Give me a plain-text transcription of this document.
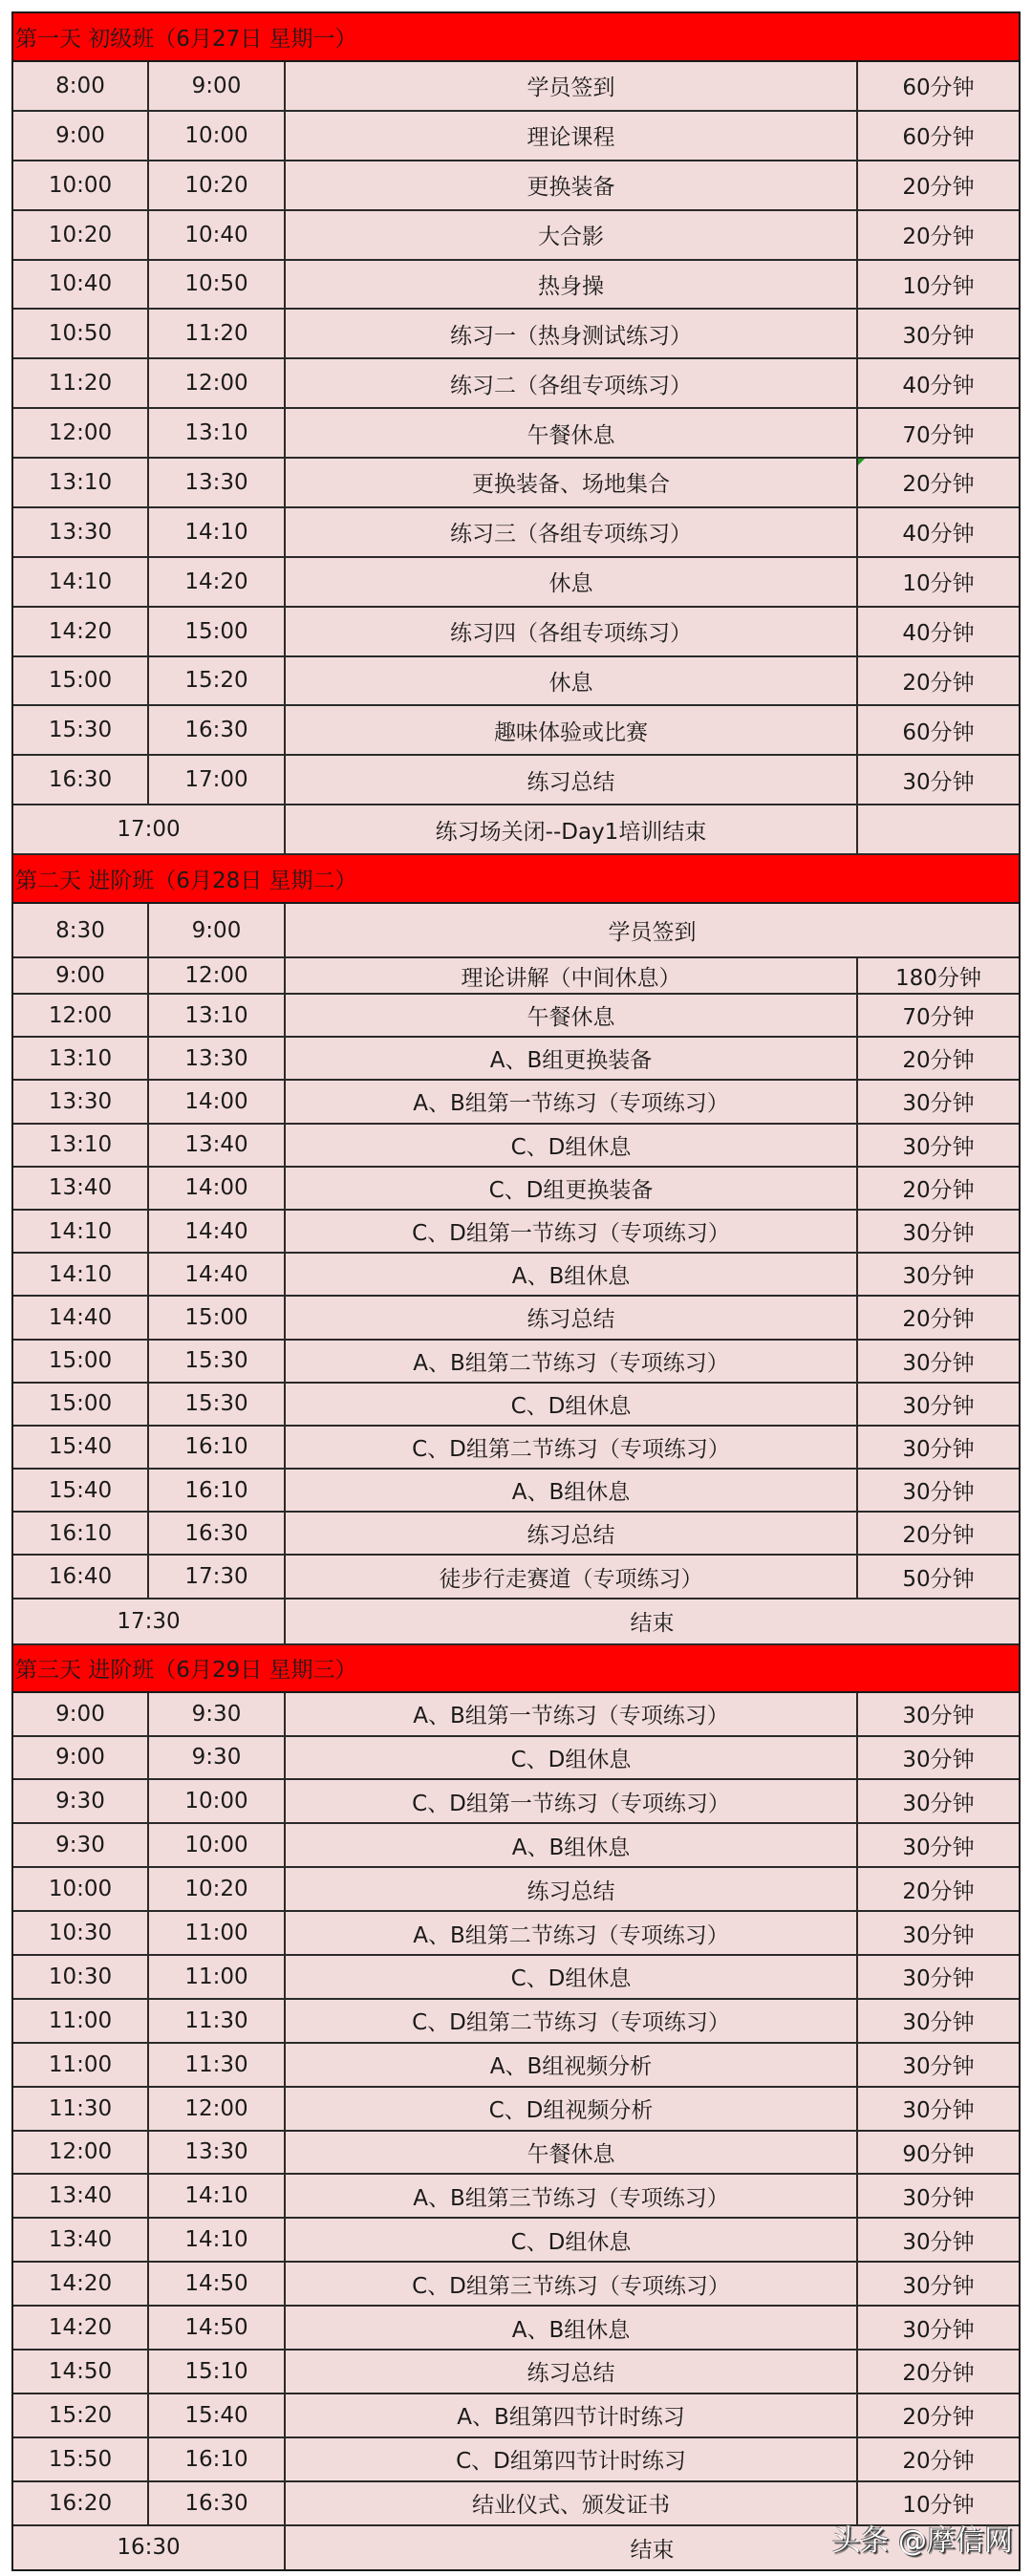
第一天 初级班（6月27日 星期一）
8:00	9:00	学员签到	60分钟
9:00	10:00	理论课程	60分钟
10:00	10:20	更换装备	20分钟
10:20	10:40	大合影	20分钟
10:40	10:50	热身操	10分钟
10:50	11:20	练习一（热身测试练习）	30分钟
11:20	12:00	练习二（各组专项练习）	40分钟
12:00	13:10	午餐休息	70分钟
13:10	13:30	更换装备、场地集合	20分钟
13:30	14:10	练习三（各组专项练习）	40分钟
14:10	14:20	休息	10分钟
14:20	15:00	练习四（各组专项练习）	40分钟
15:00	15:20	休息	20分钟
15:30	16:30	趣味体验或比赛	60分钟
16:30	17:00	练习总结	30分钟
17:00	练习场关闭--Day1培训结束
第二天 进阶班（6月28日 星期二）
8:30	9:00	学员签到
9:00	12:00	理论讲解（中间休息）	180分钟
12:00	13:10	午餐休息	70分钟
13:10	13:30	A、B组更换装备	20分钟
13:30	14:00	A、B组第一节练习（专项练习）	30分钟
13:10	13:40	C、D组休息	30分钟
13:40	14:00	C、D组更换装备	20分钟
14:10	14:40	C、D组第一节练习（专项练习）	30分钟
14:10	14:40	A、B组休息	30分钟
14:40	15:00	练习总结	20分钟
15:00	15:30	A、B组第二节练习（专项练习）	30分钟
15:00	15:30	C、D组休息	30分钟
15:40	16:10	C、D组第二节练习（专项练习）	30分钟
15:40	16:10	A、B组休息	30分钟
16:10	16:30	练习总结	20分钟
16:40	17:30	徒步行走赛道（专项练习）	50分钟
17:30	结束
第三天 进阶班（6月29日 星期三）
9:00	9:30	A、B组第一节练习（专项练习）	30分钟
9:00	9:30	C、D组休息	30分钟
9:30	10:00	C、D组第一节练习（专项练习）	30分钟
9:30	10:00	A、B组休息	30分钟
10:00	10:20	练习总结	20分钟
10:30	11:00	A、B组第二节练习（专项练习）	30分钟
10:30	11:00	C、D组休息	30分钟
11:00	11:30	C、D组第二节练习（专项练习）	30分钟
11:00	11:30	A、B组视频分析	30分钟
11:30	12:00	C、D组视频分析	30分钟
12:00	13:30	午餐休息	90分钟
13:40	14:10	A、B组第三节练习（专项练习）	30分钟
13:40	14:10	C、D组休息	30分钟
14:20	14:50	C、D组第三节练习（专项练习）	30分钟
14:20	14:50	A、B组休息	30分钟
14:50	15:10	练习总结	20分钟
15:20	15:40	A、B组第四节计时练习	20分钟
15:50	16:10	C、D组第四节计时练习	20分钟
16:20	16:30	结业仪式、颁发证书	10分钟
16:30	结束	头条 @摩信网
